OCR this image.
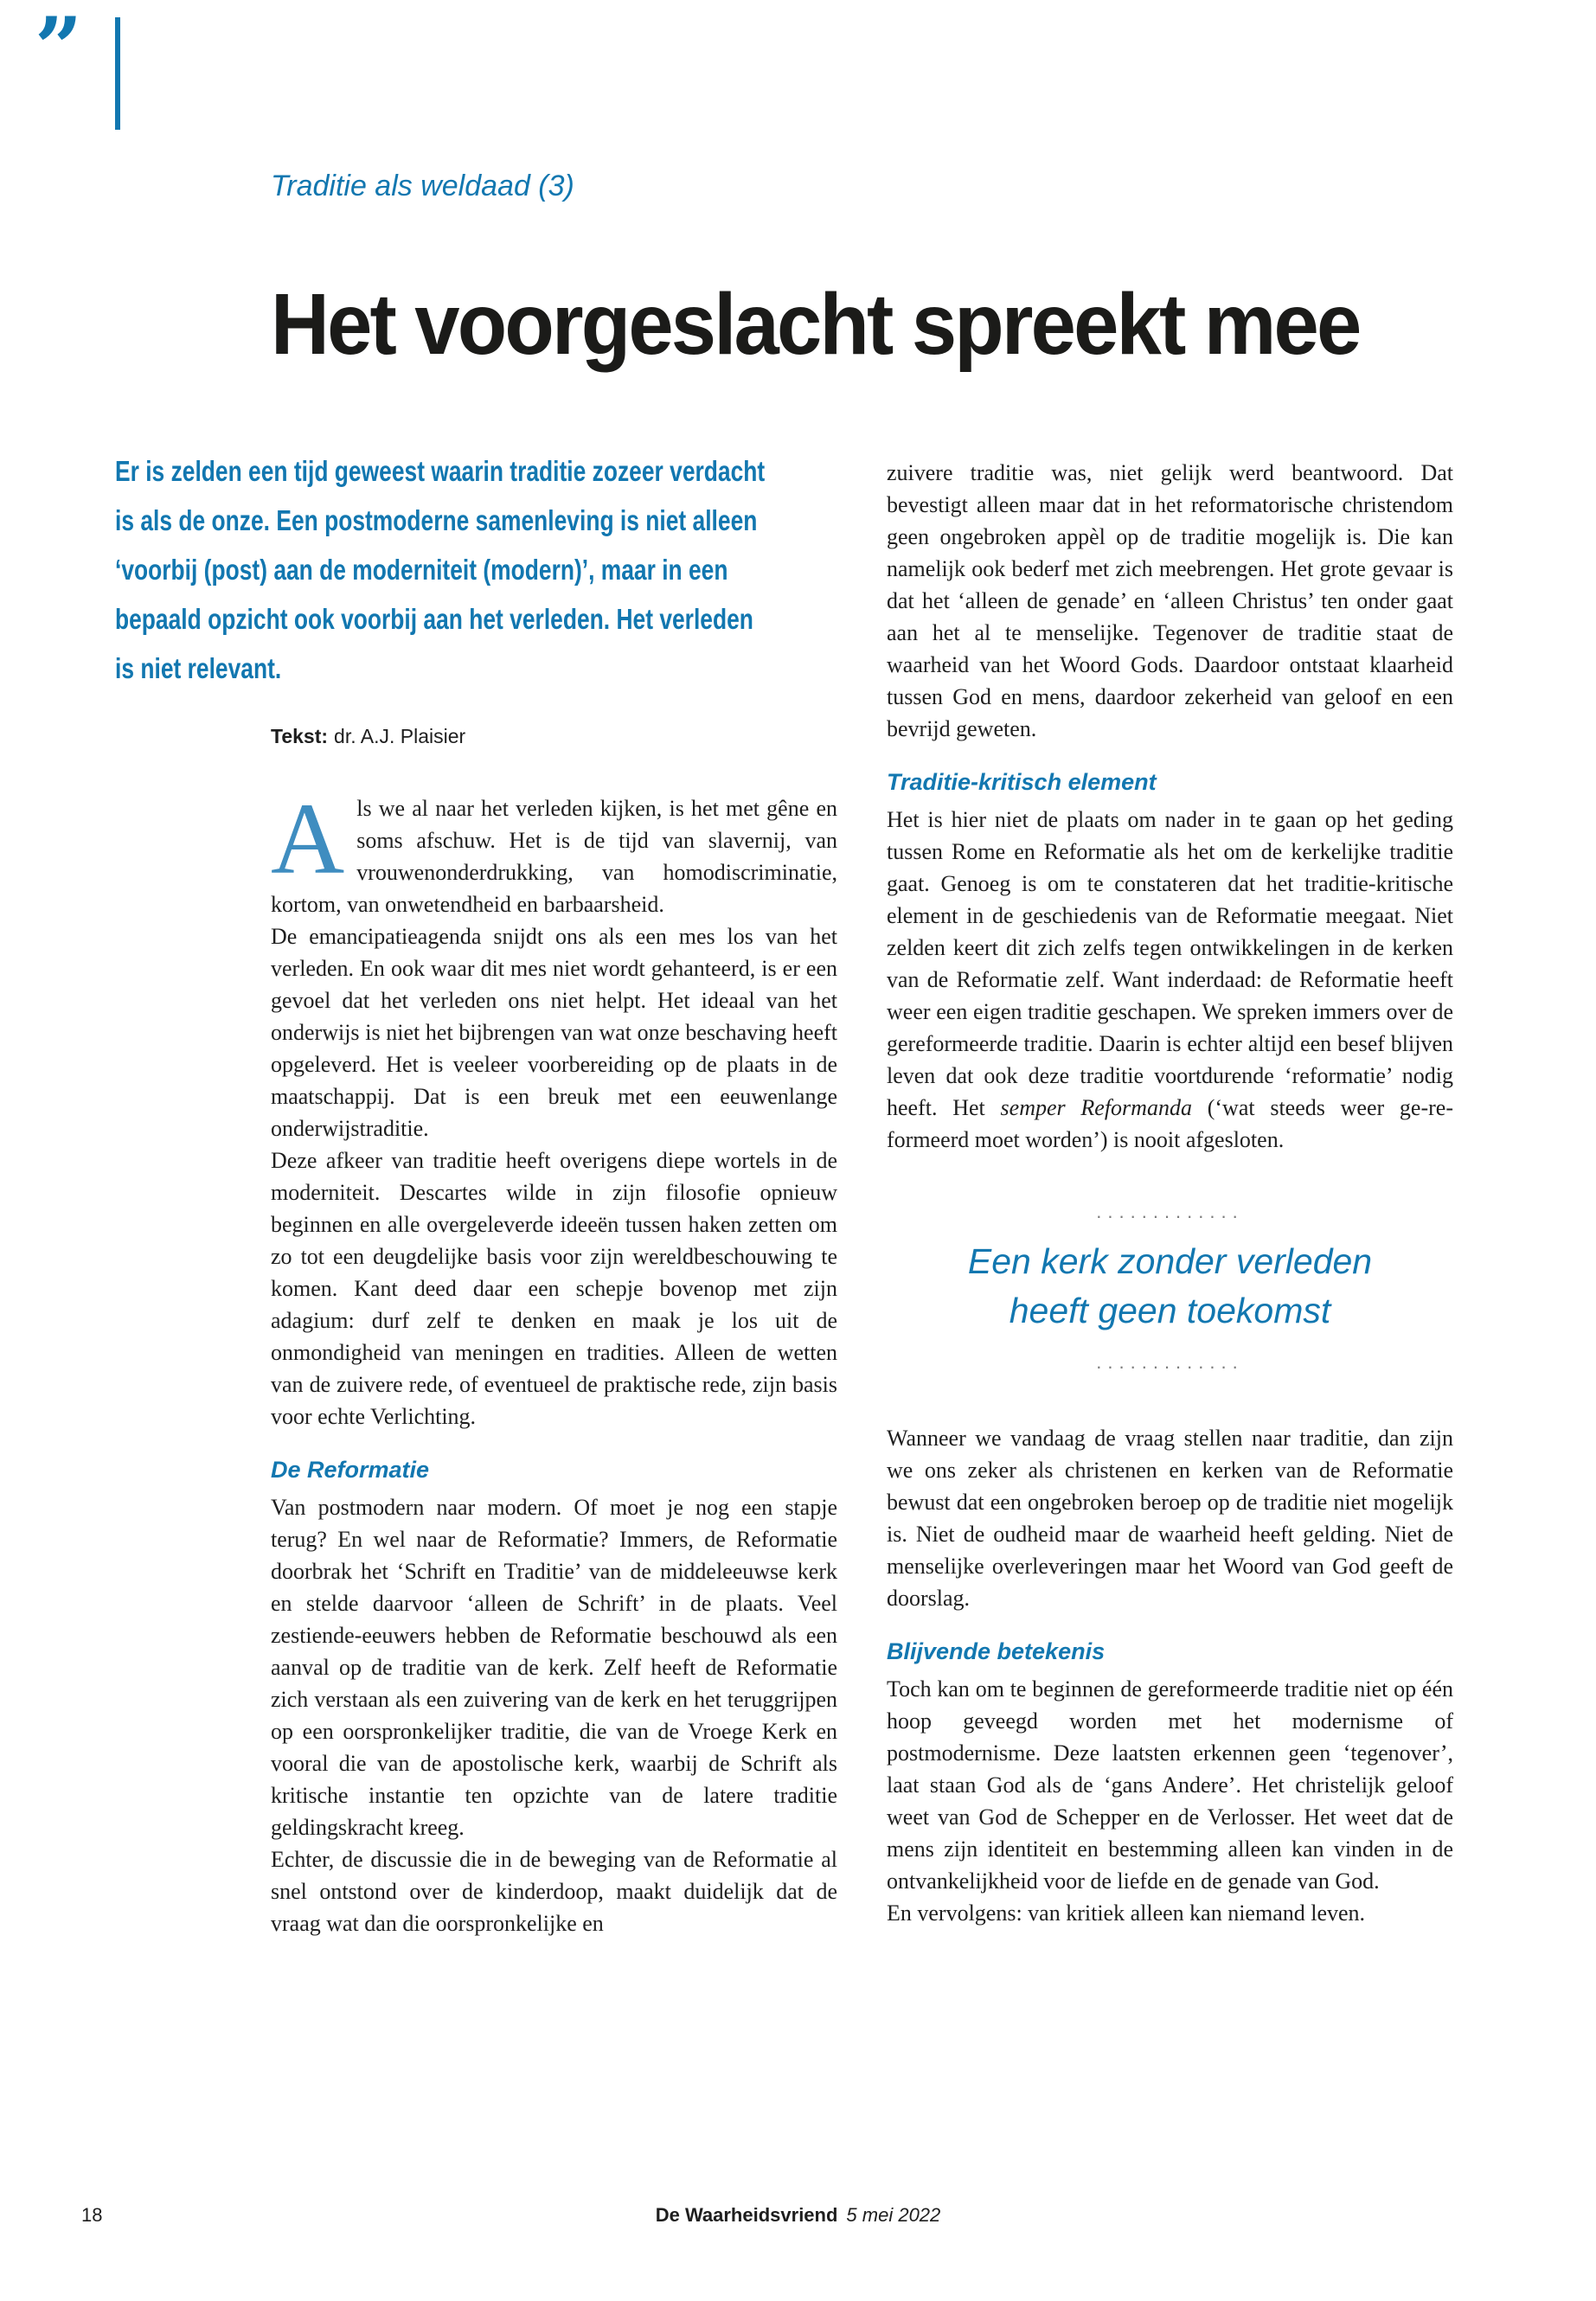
”
Traditie als weldaad (3)
Het voorgeslacht spreekt mee
Er is zelden een tijd geweest waarin traditie zozeer verdacht
is als de onze. Een postmoderne samenleving is niet alleen
‘voorbij (post) aan de moderniteit (modern)’, maar in een
bepaald opzicht ook voorbij aan het verleden. Het verleden
is niet relevant.
Tekst: dr. A.J. Plaisier

Als we al naar het verleden kijken, is het met gêne en soms afschuw. Het is de tijd van slavernij, van vrouwenonderdrukking, van homodiscriminatie, kortom, van onwetendheid en barbaarsheid.

De emancipatieagenda snijdt ons als een mes los van het verleden. En ook waar dit mes niet wordt gehanteerd, is er een gevoel dat het verleden ons niet helpt. Het ideaal van het onderwijs is niet het bijbrengen van wat onze beschaving heeft opgeleverd. Het is veeleer voorbereiding op de plaats in de maatschappij. Dat is een breuk met een eeuwenlange onderwijstraditie.

Deze afkeer van traditie heeft overigens diepe wortels in de moderniteit. Descartes wilde in zijn filosofie opnieuw beginnen en alle overgeleverde ideeën tussen haken zetten om zo tot een deugdelijke basis voor zijn wereldbeschouwing te komen. Kant deed daar een schepje bovenop met zijn adagium: durf zelf te denken en maak je los uit de onmondigheid van meningen en tradities. Alleen de wetten van de zuivere rede, of eventueel de praktische rede, zijn basis voor echte Verlichting.

De Reformatie

Van postmodern naar modern. Of moet je nog een stapje terug? En wel naar de Reformatie? Immers, de Reformatie doorbrak het ‘Schrift en Traditie’ van de middeleeuwse kerk en stelde daarvoor ‘alleen de Schrift’ in de plaats. Veel zestiende-eeuwers hebben de Reformatie beschouwd als een aanval op de traditie van de kerk. Zelf heeft de Reformatie zich verstaan als een zuivering van de kerk en het teruggrijpen op een oorspronkelijker traditie, die van de Vroege Kerk en vooral die van de apostolische kerk, waarbij de Schrift als kritische instantie ten opzichte van de latere traditie geldingskracht kreeg.

Echter, de discussie die in de beweging van de Reformatie al snel ontstond over de kinderdoop, maakt duidelijk dat de vraag wat dan die oorspronkelijke en

zuivere traditie was, niet gelijk werd beantwoord. Dat bevestigt alleen maar dat in het reformatorische christendom geen ongebroken appèl op de traditie mogelijk is. Die kan namelijk ook bederf met zich meebrengen. Het grote gevaar is dat het ‘alleen de genade’ en ‘alleen Christus’ ten onder gaat aan het al te menselijke. Tegenover de traditie staat de waarheid van het Woord Gods. Daardoor ontstaat klaarheid tussen God en mens, daardoor zekerheid van geloof en een bevrijd geweten.

Traditie-kritisch element

Het is hier niet de plaats om nader in te gaan op het geding tussen Rome en Reformatie als het om de kerkelijke traditie gaat. Genoeg is om te constateren dat het traditie-kritische element in de geschiedenis van de Reformatie meegaat. Niet zelden keert dit zich zelfs tegen ontwikkelingen in de kerken van de Reformatie zelf. Want inderdaad: de Reformatie heeft weer een eigen traditie geschapen. We spreken immers over de gereformeerde traditie. Daarin is echter altijd een besef blijven leven dat ook deze traditie voortdurende ‘reformatie’ nodig heeft. Het semper Reformanda (‘wat steeds weer ge-re-formeerd moet worden’) is nooit afgesloten.

.............
Een kerk zonder verleden
heeft geen toekomst
.............

Wanneer we vandaag de vraag stellen naar traditie, dan zijn we ons zeker als christenen en kerken van de Reformatie bewust dat een ongebroken beroep op de traditie niet mogelijk is. Niet de oudheid maar de waarheid heeft gelding. Niet de menselijke overleveringen maar het Woord van God geeft de doorslag.

Blijvende betekenis

Toch kan om te beginnen de gereformeerde traditie niet op één hoop geveegd worden met het modernisme of postmodernisme. Deze laatsten erkennen geen ‘tegenover’, laat staan God als de ‘gans Andere’. Het christelijk geloof weet van God de Schepper en de Verlosser. Het weet dat de mens zijn identiteit en bestemming alleen kan vinden in de ontvankelijkheid voor de liefde en de genade van God.

En vervolgens: van kritiek alleen kan niemand leven.

18	De Waarheidsvriend 5 mei 2022
